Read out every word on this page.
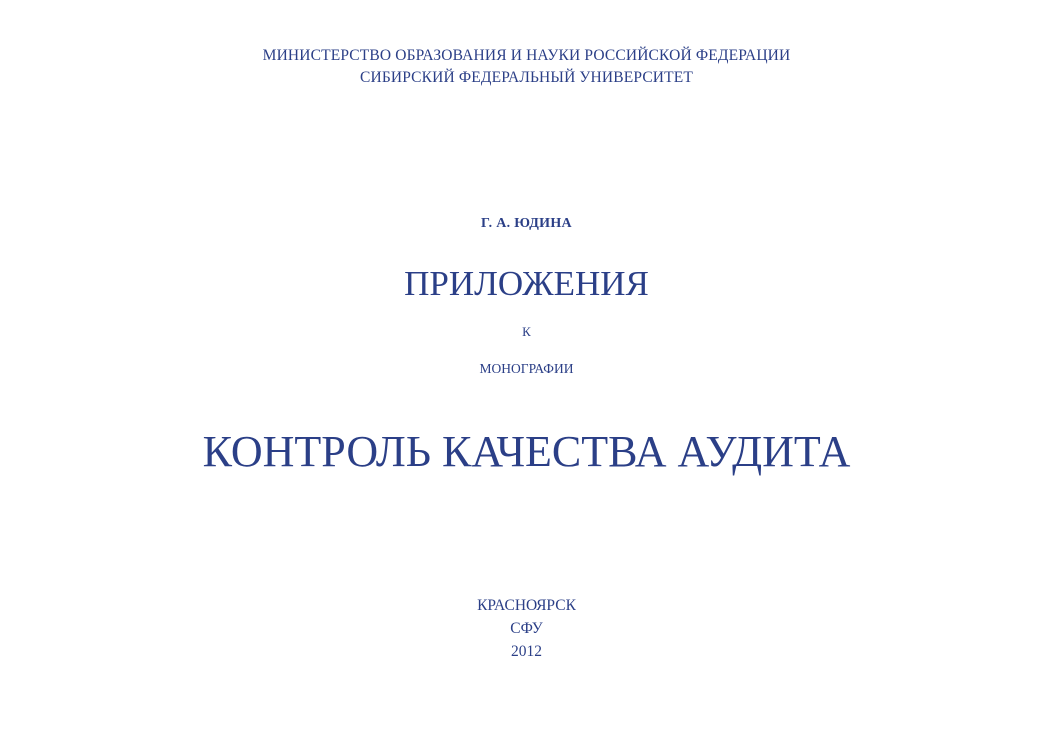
МИНИСТЕРСТВО ОБРАЗОВАНИЯ И НАУКИ РОССИЙСКОЙ ФЕДЕРАЦИИ
СИБИРСКИЙ ФЕДЕРАЛЬНЫЙ УНИВЕРСИТЕТ
Г. А. ЮДИНА
ПРИЛОЖЕНИЯ
К
МОНОГРАФИИ
КОНТРОЛЬ КАЧЕСТВА АУДИТА
КРАСНОЯРСК
СФУ
2012
